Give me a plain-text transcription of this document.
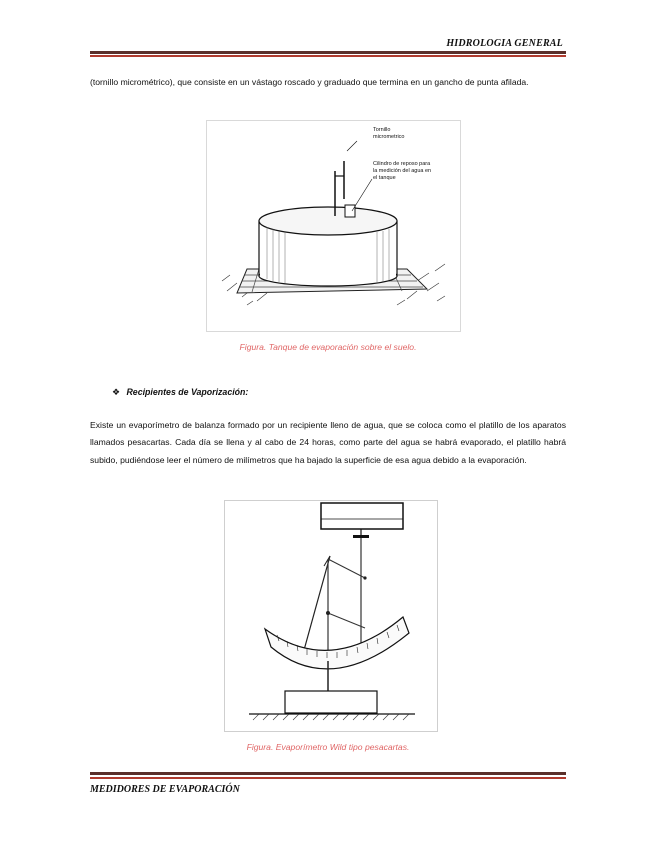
HIDROLOGIA GENERAL

(tornillo micrométrico), que consiste en un vástago roscado y graduado que termina en un gancho de punta afilada.

Tornillo
micrometrico
Cilindro de reposo para
la medición del agua en
el tanque
Figura. Tanque de evaporación sobre el suelo.
❖ Recipientes de Vaporización:

Existe un evaporímetro de balanza formado por un recipiente lleno de agua, que se coloca como el platillo de los aparatos llamados pesacartas. Cada día se llena y al cabo de 24 horas, como parte del agua se habrá evaporado, el platillo habrá subido, pudiéndose leer el número de milímetros que ha bajado la superficie de esa agua debido a la evaporación.

Figura. Evaporímetro Wild tipo pesacartas.
MEDIDORES DE EVAPORACIÓN
